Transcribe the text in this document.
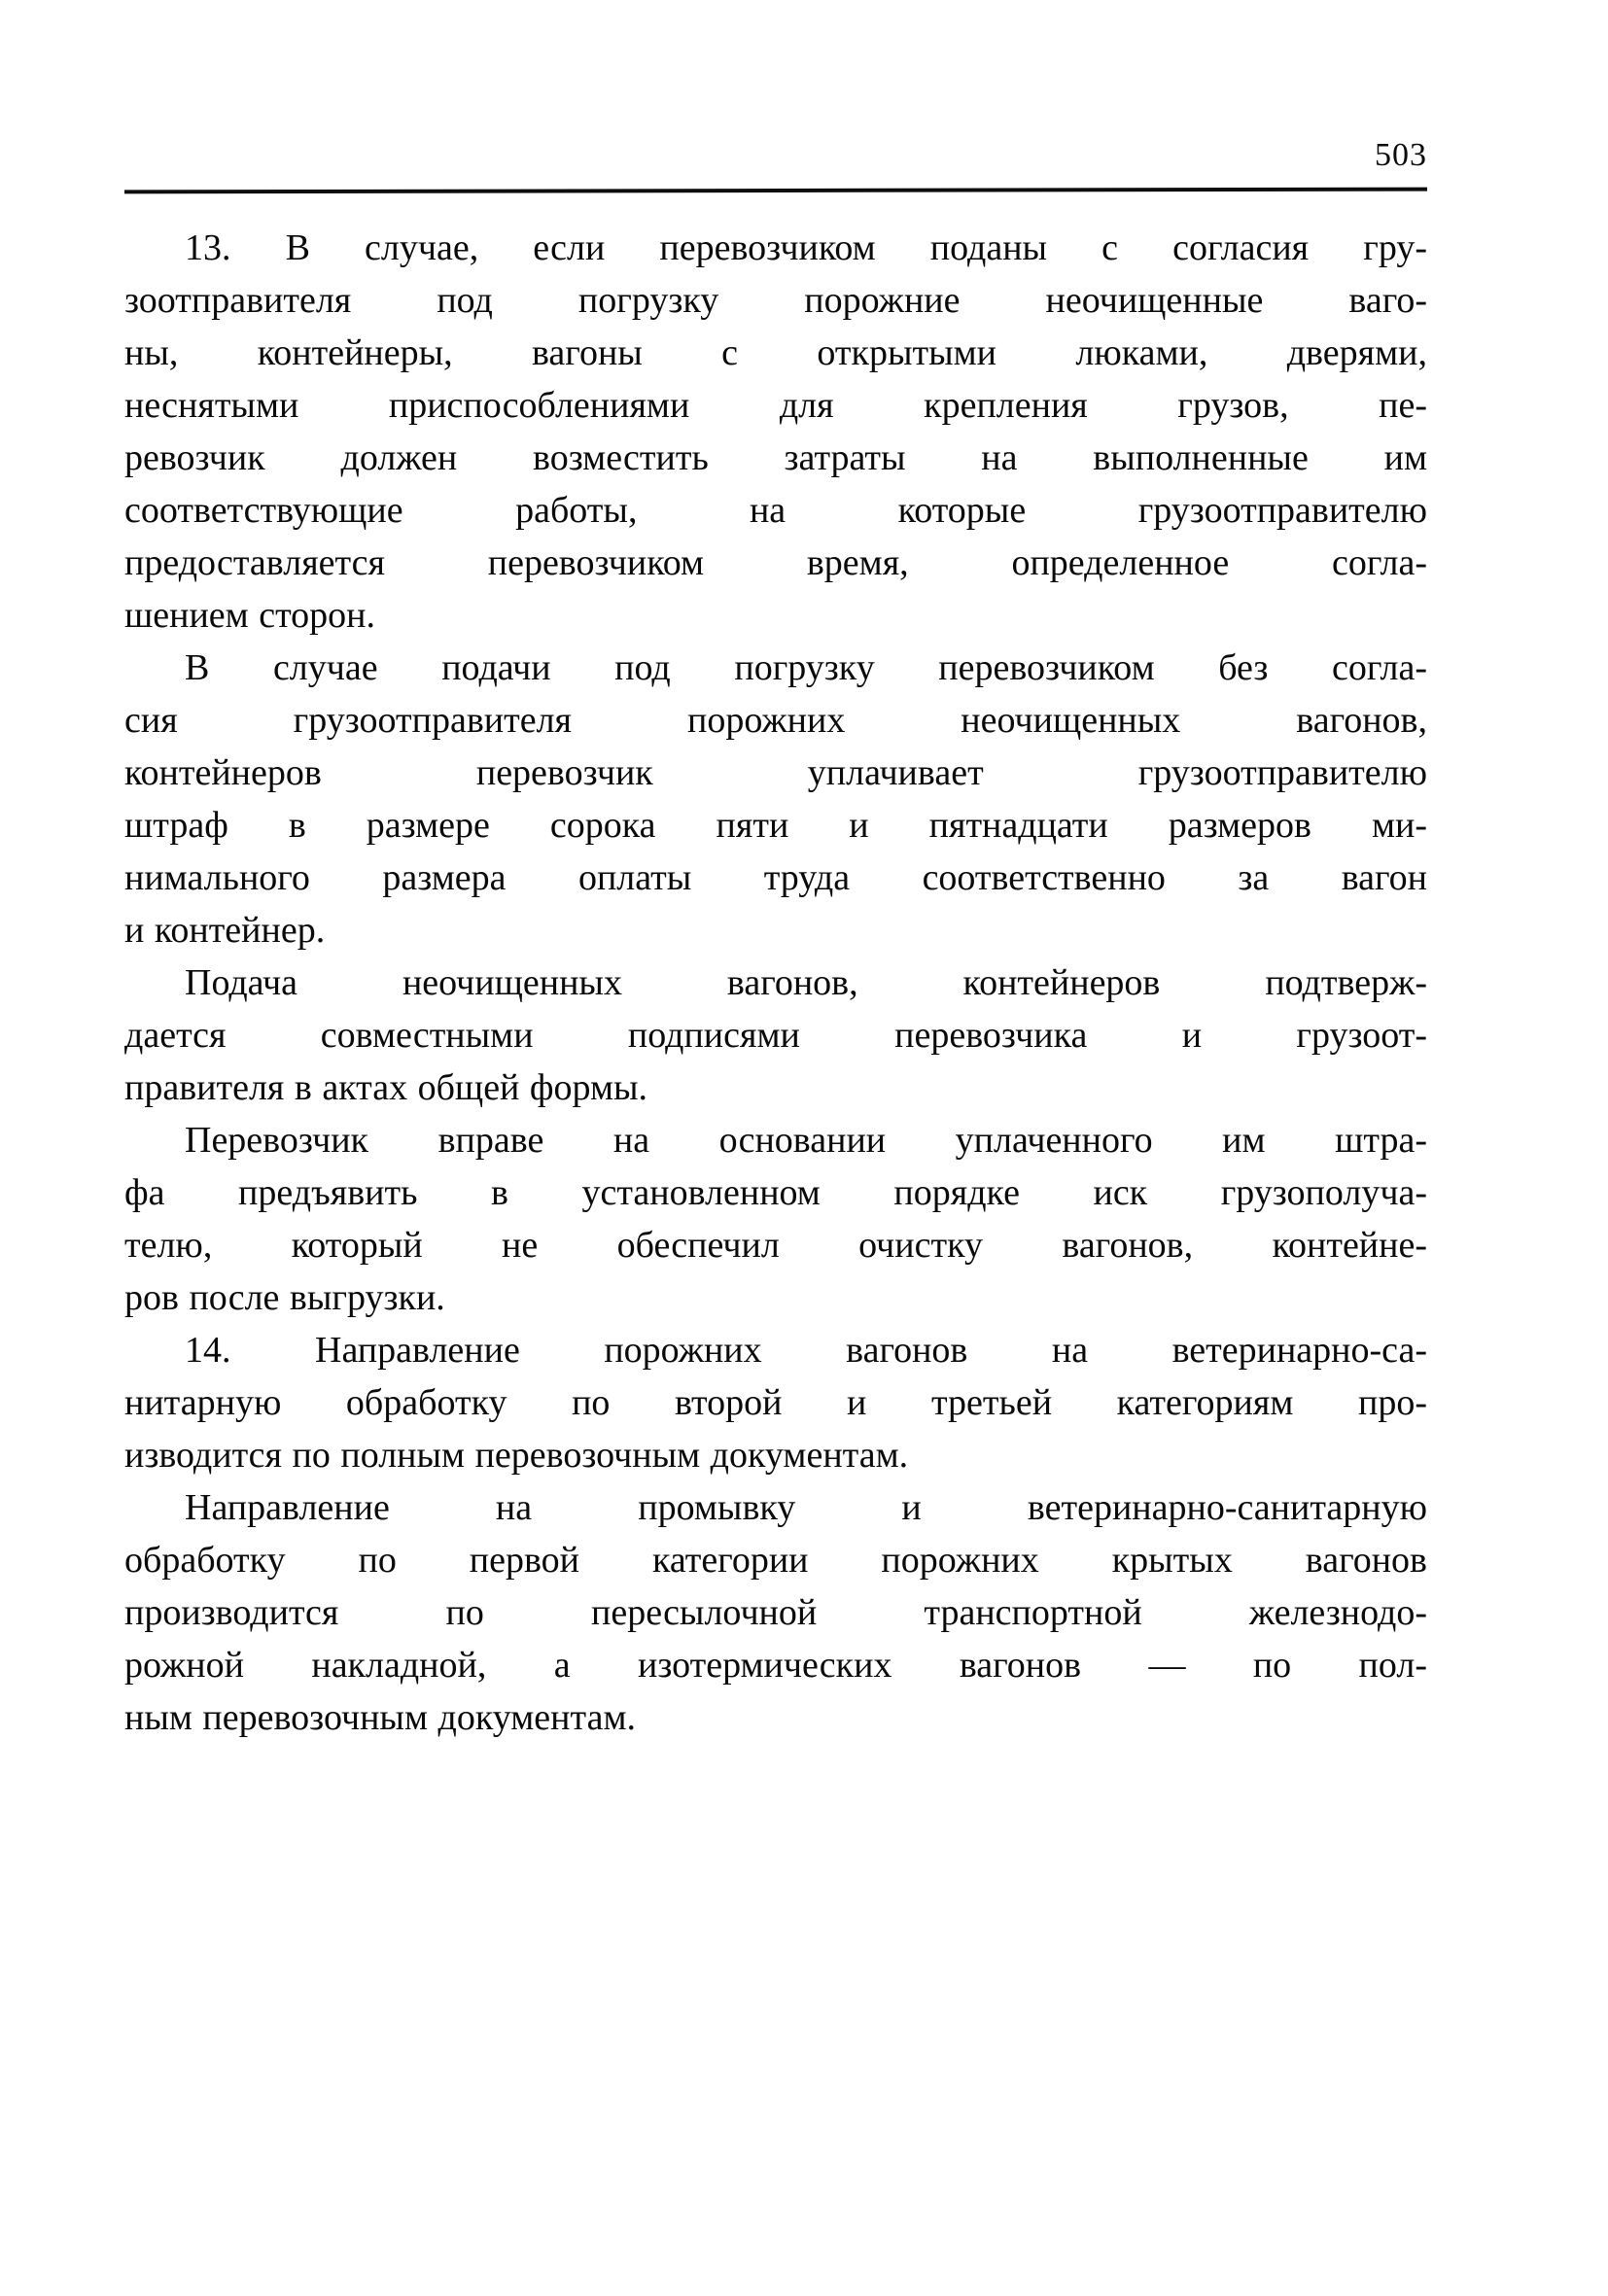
503
13. В случае, если перевозчиком поданы с согласия гру-
зоотправителя под погрузку порожние неочищенные ваго-
ны, контейнеры, вагоны с открытыми люками, дверями,
неснятыми приспособлениями для крепления грузов, пе-
ревозчик должен возместить затраты на выполненные им
соответствующие работы, на которые грузоотправителю
предоставляется перевозчиком время, определенное согла-
шением сторон.
В случае подачи под погрузку перевозчиком без согла-
сия грузоотправителя порожних неочищенных вагонов,
контейнеров перевозчик уплачивает грузоотправителю
штраф в размере сорока пяти и пятнадцати размеров ми-
нимального размера оплаты труда соответственно за вагон
и контейнер.
Подача неочищенных вагонов, контейнеров подтверж-
дается совместными подписями перевозчика и грузоот-
правителя в актах общей формы.
Перевозчик вправе на основании уплаченного им штра-
фа предъявить в установленном порядке иск грузополуча-
телю, который не обеспечил очистку вагонов, контейне-
ров после выгрузки.
14. Направление порожних вагонов на ветеринарно-са-
нитарную обработку по второй и третьей категориям про-
изводится по полным перевозочным документам.
Направление на промывку и ветеринарно-санитарную
обработку по первой категории порожних крытых вагонов
производится по пересылочной транспортной железнодо-
рожной накладной, а изотермических вагонов — по пол-
ным перевозочным документам.
